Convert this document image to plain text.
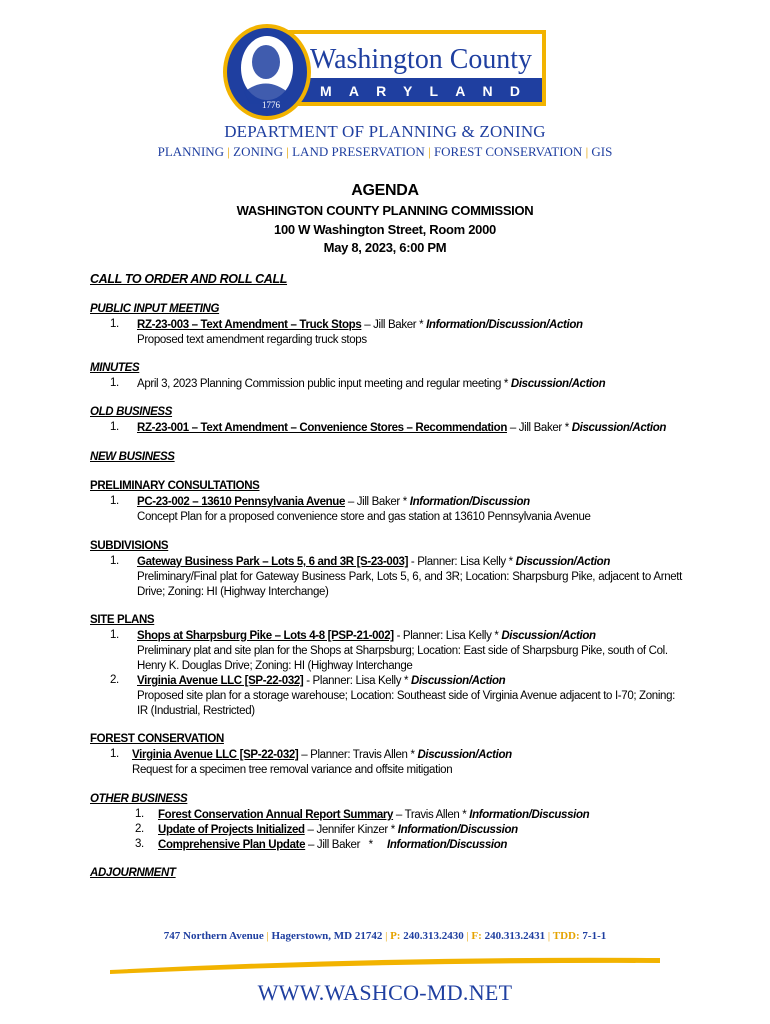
1776
Washington County
MARYLAND
DEPARTMENT OF PLANNING & ZONING
PLANNING | ZONING | LAND PRESERVATION | FOREST CONSERVATION | GIS
AGENDA
WASHINGTON COUNTY PLANNING COMMISSION
100 W Washington Street, Room 2000
May 8, 2023, 6:00 PM
CALL TO ORDER AND ROLL CALL
PUBLIC INPUT MEETING
1. RZ-23-003 – Text Amendment – Truck Stops – Jill Baker * Information/Discussion/Action
Proposed text amendment regarding truck stops
MINUTES
1. April 3, 2023 Planning Commission public input meeting and regular meeting * Discussion/Action
OLD BUSINESS
1. RZ-23-001 – Text Amendment – Convenience Stores – Recommendation – Jill Baker * Discussion/Action
NEW BUSINESS
PRELIMINARY CONSULTATIONS
1. PC-23-002 – 13610 Pennsylvania Avenue – Jill Baker * Information/Discussion
Concept Plan for a proposed convenience store and gas station at 13610 Pennsylvania Avenue
SUBDIVISIONS
1. Gateway Business Park – Lots 5, 6 and 3R [S-23-003] - Planner: Lisa Kelly * Discussion/Action
Preliminary/Final plat for Gateway Business Park, Lots 5, 6, and 3R; Location: Sharpsburg Pike, adjacent to Arnett Drive; Zoning: HI (Highway Interchange)
SITE PLANS
1. Shops at Sharpsburg Pike – Lots 4-8 [PSP-21-002] - Planner: Lisa Kelly * Discussion/Action
Preliminary plat and site plan for the Shops at Sharpsburg; Location: East side of Sharpsburg Pike, south of Col. Henry K. Douglas Drive; Zoning: HI (Highway Interchange
2. Virginia Avenue LLC [SP-22-032] - Planner: Lisa Kelly * Discussion/Action
Proposed site plan for a storage warehouse; Location: Southeast side of Virginia Avenue adjacent to I-70; Zoning: IR (Industrial, Restricted)
FOREST CONSERVATION
1. Virginia Avenue LLC [SP-22-032] – Planner: Travis Allen * Discussion/Action
Request for a specimen tree removal variance and offsite mitigation
OTHER BUSINESS
1. Forest Conservation Annual Report Summary – Travis Allen * Information/Discussion
2. Update of Projects Initialized – Jennifer Kinzer * Information/Discussion
3. Comprehensive Plan Update – Jill Baker   *     Information/Discussion
ADJOURNMENT
747 Northern Avenue | Hagerstown, MD 21742 | P: 240.313.2430 | F: 240.313.2431 | TDD: 7-1-1
WWW.WASHCO-MD.NET
